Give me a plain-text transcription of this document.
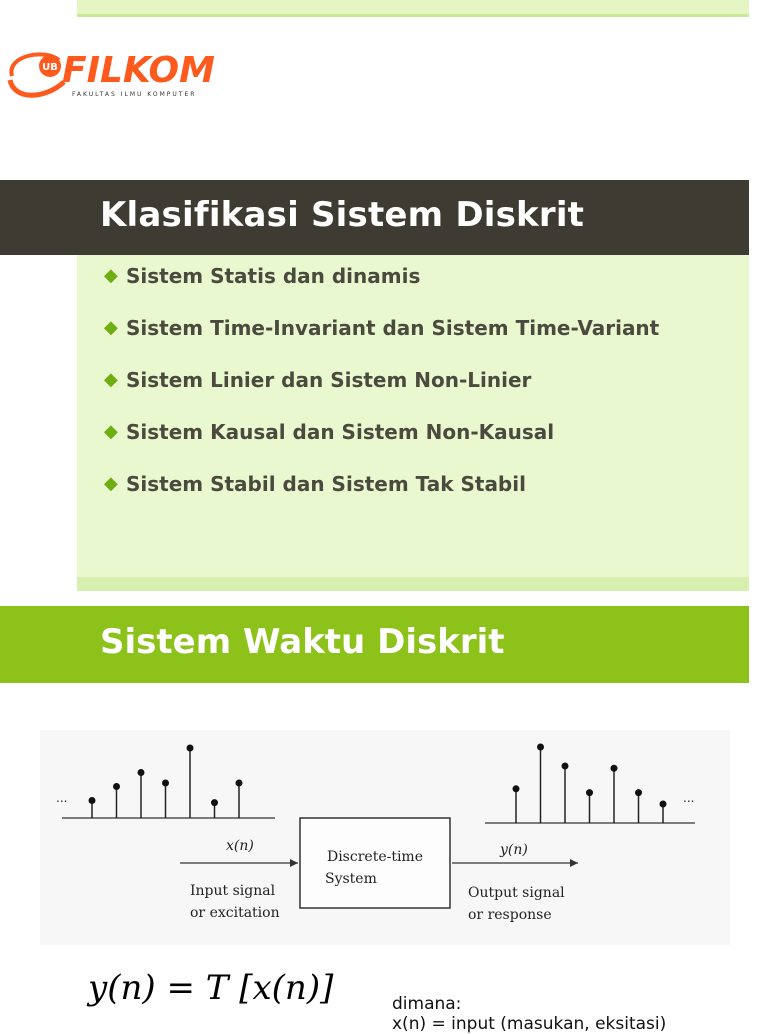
UB FILKOM
FAKULTAS ILMU KOMPUTER
Klasifikasi Sistem Diskrit
◆ Sistem Statis dan dinamis
◆ Sistem Time-Invariant dan Sistem Time-Variant
◆ Sistem Linier dan Sistem Non-Linier
◆ Sistem Kausal dan Sistem Non-Kausal
◆ Sistem Stabil dan Sistem Tak Stabil
Sistem Waktu Diskrit
...	...
Discrete-time
System
x(n)
Input signal
or excitation
y(n)
Output signal
or response
y(n) = T [x(n)]	dimana:
x(n) = input (masukan, eksitasi)
